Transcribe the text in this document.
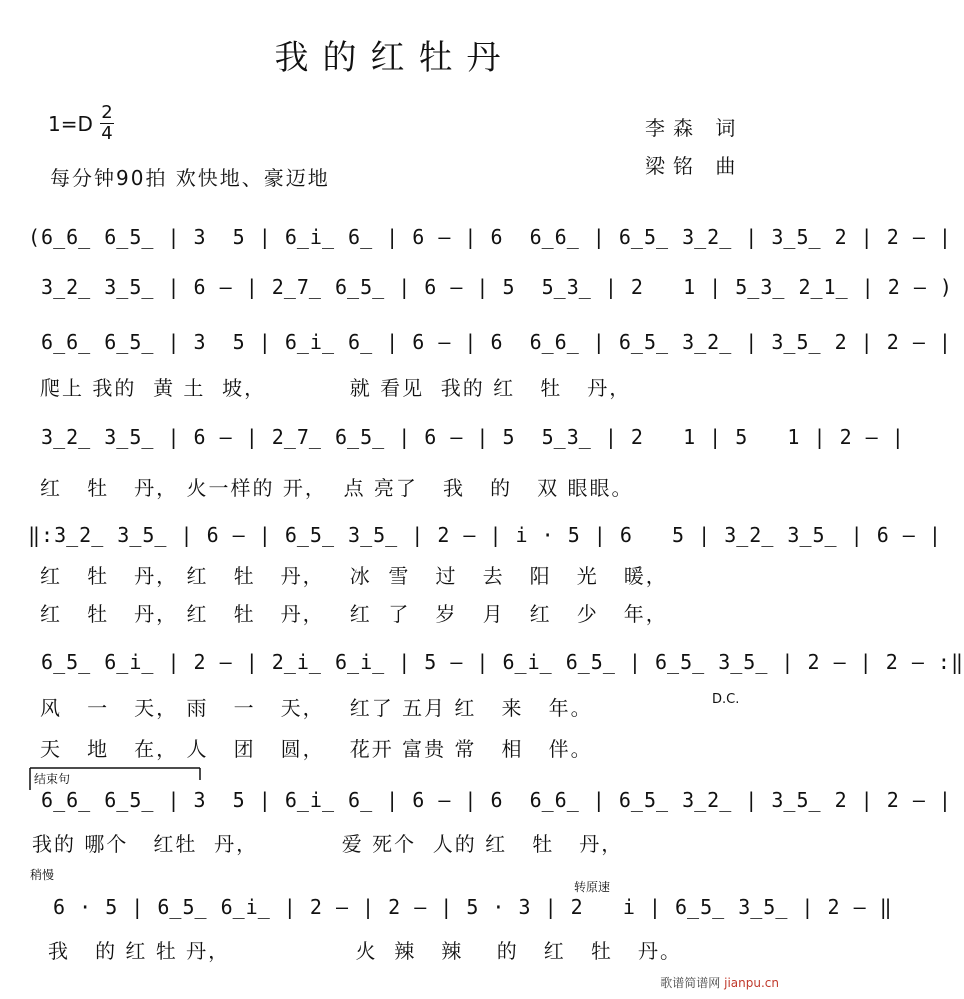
我的红牡丹
1=D 2
4
每分钟90拍 欢快地、豪迈地
李森 词
梁铭 曲
(6̲6̲ 6̲5̲ | 3  5 | 6̲i̲ 6̲ | 6 — | 6  6̲6̲ | 6̲5̲ 3̲2̲ | 3̲5̲ 2 | 2 — |
3̲2̲ 3̲5̲ | 6 — | 2̲7̲ 6̲5̲ | 6 — | 5  5̲3̲ | 2   1 | 5̲3̲ 2̲1̲ | 2 — )
6̲6̲ 6̲5̲ | 3  5 | 6̲i̲ 6̲ | 6 — | 6  6̲6̲ | 6̲5̲ 3̲2̲ | 3̲5̲ 2 | 2 — |
爬上 我的  黄 土  坡，          就 看见  我的 红   牡   丹，
3̲2̲ 3̲5̲ | 6 — | 2̲7̲ 6̲5̲ | 6 — | 5  5̲3̲ | 2   1 | 5   1 | 2 — |
红   牡   丹， 火一样的 开，  点 亮了   我   的   双 眼眼。
‖:3̲2̲ 3̲5̲ | 6 — | 6̲5̲ 3̲5̲ | 2 — | i · 5 | 6   5 | 3̲2̲ 3̲5̲ | 6 — |
红   牡   丹， 红   牡   丹，   冰  雪   过   去   阳   光   暖，
红   牡   丹， 红   牡   丹，   红  了   岁   月   红   少   年，
6̲5̲ 6̲i̲ | 2 — | 2̲i̲ 6̲i̲ | 5 — | 6̲i̲ 6̲5̲ | 6̲5̲ 3̲5̲ | 2 — | 2 — :‖
风   一   天， 雨   一   天，   红了 五月 红   来   年。
天   地   在， 人   团   圆，   花开 富贵 常   相   伴。
D.C.
结束句
6̲6̲ 6̲5̲ | 3  5 | 6̲i̲ 6̲ | 6 — | 6  6̲6̲ | 6̲5̲ 3̲2̲ | 3̲5̲ 2 | 2 — |
我的 哪个   红牡  丹，          爱 死个  人的 红   牡   丹，
稍慢
转原速
6 · 5 | 6̲5̲ 6̲i̲ | 2 — | 2 — | 5 · 3 | 2   i | 6̲5̲ 3̲5̲ | 2 — ‖
我   的 红 牡 丹，               火  辣   辣    的   红   牡   丹。
歌谱简谱网 jianpu.cn
